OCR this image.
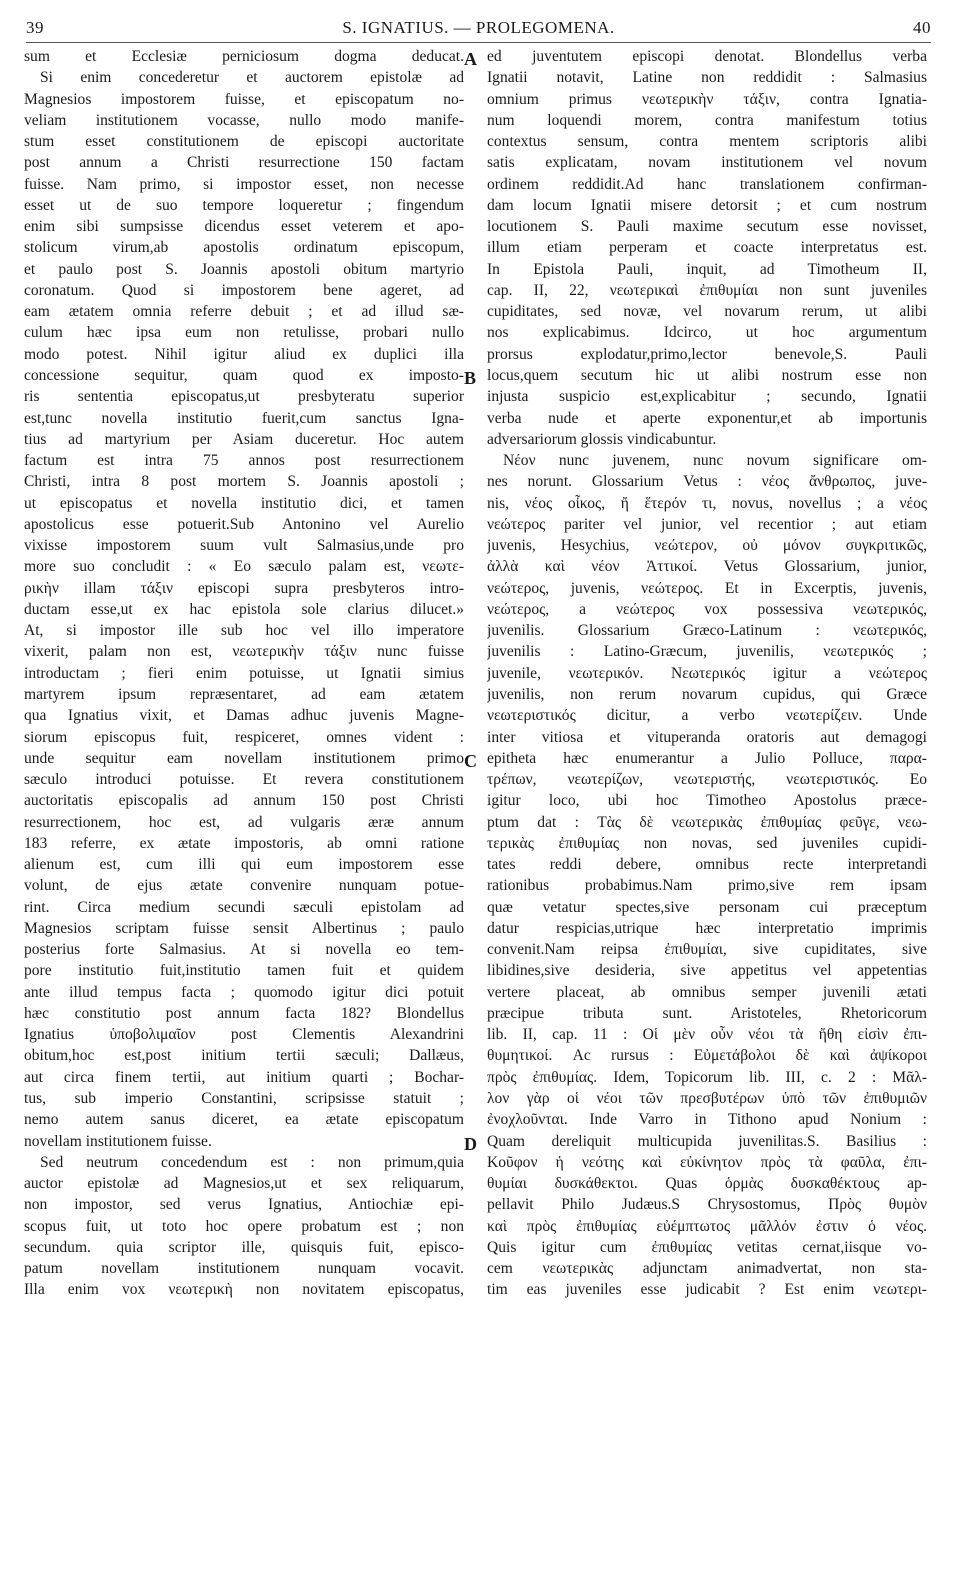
39	S. IGNATIUS. — PROLEGOMENA.	40
sum et Ecclesiæ perniciosum dogma deducat.
Si enim concederetur et auctorem epistolæ ad
Magnesios impostorem fuisse, et episcopatum no-
veliam institutionem vocasse, nullo modo manife-
stum esset constitutionem de episcopi auctoritate
post annum a Christi resurrectione 150 factam
fuisse. Nam primo, si impostor esset, non necesse
esset ut de suo tempore loqueretur ; fingendum
enim sibi sumpsisse dicendus esset veterem et apo-
stolicum virum,ab apostolis ordinatum episcopum,
et paulo post S. Joannis apostoli obitum martyrio
coronatum. Quod si impostorem bene ageret, ad
eam ætatem omnia referre debuit ; et ad illud sæ-
culum hæc ipsa eum non retulisse, probari nullo
modo potest. Nihil igitur aliud ex duplici illa
concessione sequitur, quam quod ex imposto-
ris sententia episcopatus,ut presbyteratu superior
est,tunc novella institutio fuerit,cum sanctus Igna-
tius ad martyrium per Asiam duceretur. Hoc autem
factum est intra 75 annos post resurrectionem
Christi, intra 8 post mortem S. Joannis apostoli ;
ut episcopatus et novella institutio dici, et tamen
apostolicus esse potuerit.Sub Antonino vel Aurelio
vixisse impostorem suum vult Salmasius,unde pro
more suo concludit : « Eo sæculo palam est, νεωτε-
ρικὴν illam τάξιν episcopi supra presbyteros intro-
ductam esse,ut ex hac epistola sole clarius dilucet.»
At, si impostor ille sub hoc vel illo imperatore
vixerit, palam non est, νεωτερικὴν τάξιν nunc fuisse
introductam ; fieri enim potuisse, ut Ignatii simius
martyrem ipsum repræsentaret, ad eam ætatem
qua Ignatius vixit, et Damas adhuc juvenis Magne-
siorum episcopus fuit, respiceret, omnes vident :
unde sequitur eam novellam institutionem primo
sæculo introduci potuisse. Et revera constitutionem
auctoritatis episcopalis ad annum 150 post Christi
resurrectionem, hoc est, ad vulgaris æræ annum
183 referre, ex ætate impostoris, ab omni ratione
alienum est, cum illi qui eum impostorem esse
volunt, de ejus ætate convenire nunquam potue-
rint. Circa medium secundi sæculi epistolam ad
Magnesios scriptam fuisse sensit Albertinus ; paulo
posterius forte Salmasius. At si novella eo tem-
pore institutio fuit,institutio tamen fuit et quidem
ante illud tempus facta ; quomodo igitur dici potuit
hæc constitutio post annum facta 182? Blondellus
Ignatius ὑποβολιμαῖον post Clementis Alexandrini
obitum,hoc est,post initium tertii sæculi; Dallæus,
aut circa finem tertii, aut initium quarti ; Bochar-
tus, sub imperio Constantini, scripsisse statuit ;
nemo autem sanus diceret, ea ætate episcopatum
novellam institutionem fuisse.
Sed neutrum concedendum est : non primum,quia
auctor epistolæ ad Magnesios,ut et sex reliquarum,
non impostor, sed verus Ignatius, Antiochiæ epi-
scopus fuit, ut toto hoc opere probatum est ; non
secundum. quia scriptor ille, quisquis fuit, episco-
patum novellam institutionem nunquam vocavit.
Illa enim vox νεωτερικὴ non novitatem episcopatus,
ed juventutem episcopi denotat. Blondellus verba
Ignatii notavit, Latine non reddidit : Salmasius
omnium primus νεωτερικὴν τάξιν, contra Ignatia-
num loquendi morem, contra manifestum totius
contextus sensum, contra mentem scriptoris alibi
satis explicatam, novam institutionem vel novum
ordinem reddidit.Ad hanc translationem confirman-
dam locum Ignatii misere detorsit ; et cum nostrum
locutionem S. Pauli maxime secutum esse novisset,
illum etiam perperam et coacte interpretatus est.
In Epistola Pauli, inquit, ad Timotheum II,
cap. II, 22, νεωτερικαὶ ἐπιθυμίαι non sunt juveniles
cupiditates, sed novæ, vel novarum rerum, ut alibi
nos explicabimus. Idcirco, ut hoc argumentum
prorsus explodatur,primo,lector benevole,S. Pauli
locus,quem secutum hic ut alibi nostrum esse non
injusta suspicio est,explicabitur ; secundo, Ignatii
verba nude et aperte exponentur,et ab importunis
adversariorum glossis vindicabuntur.
Νέον nunc juvenem, nunc novum significare om-
nes norunt. Glossarium Vetus : νέος ἄνθρωπος, juve-
nis, νέος οἶκος, ἤ ἕτερόν τι, novus, novellus ; a νέος
νεώτερος pariter vel junior, vel recentior ; aut etiam
juvenis, Hesychius, νεώτερον, οὐ μόνον συγκριτικῶς,
ἀλλὰ καὶ νέον Ἀττικοί. Vetus Glossarium, junior,
νεώτερος, juvenis, νεώτερος. Et in Excerptis, juvenis,
νεώτερος, a νεώτερος vox possessiva νεωτερικός,
juvenilis. Glossarium Græco-Latinum : νεωτερικός,
juvenilis : Latino-Græcum, juvenilis, νεωτερικός ;
juvenile, νεωτερικόν. Νεωτερικός igitur a νεώτερος
juvenilis, non rerum novarum cupidus, qui Græce
νεωτεριστικός dicitur, a verbo νεωτερίζειν. Unde
inter vitiosa et vituperanda oratoris aut demagogi
epitheta hæc enumerantur a Julio Polluce, παρα-
τρέπων, νεωτερίζων, νεωτεριστής, νεωτεριστικός. Eo
igitur loco, ubi hoc Timotheo Apostolus præce-
ptum dat : Τὰς δὲ νεωτερικὰς ἐπιθυμίας φεῦγε, νεω-
τερικὰς ἐπιθυμίας non novas, sed juveniles cupidi-
tates reddi debere, omnibus recte interpretandi
rationibus probabimus.Nam primo,sive rem ipsam
quæ vetatur spectes,sive personam cui præceptum
datur respicias,utrique hæc interpretatio imprimis
convenit.Nam reipsa ἐπιθυμίαι, sive cupiditates, sive
libidines,sive desideria, sive appetitus vel appetentias
vertere placeat, ab omnibus semper juvenili ætati
præcipue tributa sunt. Aristoteles, Rhetoricorum
lib. II, cap. 11 : Οἱ μὲν οὖν νέοι τὰ ἤθη εἰσὶν ἐπι-
θυμητικοί. Ac rursus : Εὐμετάβολοι δὲ καὶ ἀψίκοροι
πρὸς ἐπιθυμίας. Idem, Topicorum lib. III, c. 2 : Μᾶλ-
λον γὰρ οἱ νέοι τῶν πρεσβυτέρων ὑπὸ τῶν ἐπιθυμιῶν
ἐνοχλοῦνται. Inde Varro in Tithono apud Nonium :
Quam dereliquit multicupida juvenilitas.S. Basilius :
Κοῦφον ἡ νεότης καὶ εὐκίνητον πρὸς τὰ φαῦλα, ἐπι-
θυμίαι δυσκάθεκτοι. Quas ὁρμὰς δυσκαθέκτους ap-
pellavit Philo Judæus.S Chrysostomus, Πρὸς θυμὸν
καὶ πρὸς ἐπιθυμίας εὐέμπτωτος μᾶλλόν ἐστιν ὁ νέος.
Quis igitur cum ἐπιθυμίας vetitas cernat,iisque vo-
cem νεωτερικὰς adjunctam animadvertat, non sta-
tim eas juveniles esse judicabit ? Est enim νεωτερι-
A
B
C
D
